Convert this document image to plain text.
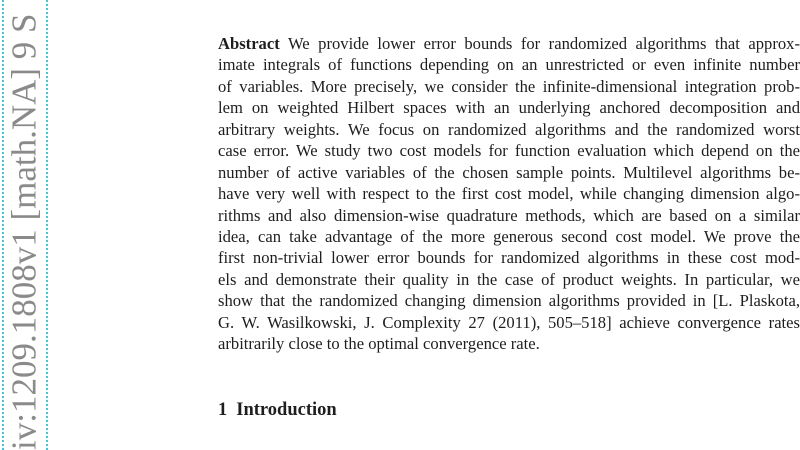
iv:1209.1808v1 [math.NA] 9 S	Abstract We provide lower error bounds for randomized algorithms that approx-
imate integrals of functions depending on an unrestricted or even infinite number
of variables. More precisely, we consider the infinite-dimensional integration prob-
lem on weighted Hilbert spaces with an underlying anchored decomposition and
arbitrary weights. We focus on randomized algorithms and the randomized worst
case error. We study two cost models for function evaluation which depend on the
number of active variables of the chosen sample points. Multilevel algorithms be-
have very well with respect to the first cost model, while changing dimension algo-
rithms and also dimension-wise quadrature methods, which are based on a similar
idea, can take advantage of the more generous second cost model. We prove the
first non-trivial lower error bounds for randomized algorithms in these cost mod-
els and demonstrate their quality in the case of product weights. In particular, we
show that the randomized changing dimension algorithms provided in [L. Plaskota,
G. W. Wasilkowski, J. Complexity 27 (2011), 505–518] achieve convergence rates
arbitrarily close to the optimal convergence rate.
1 Introduction
